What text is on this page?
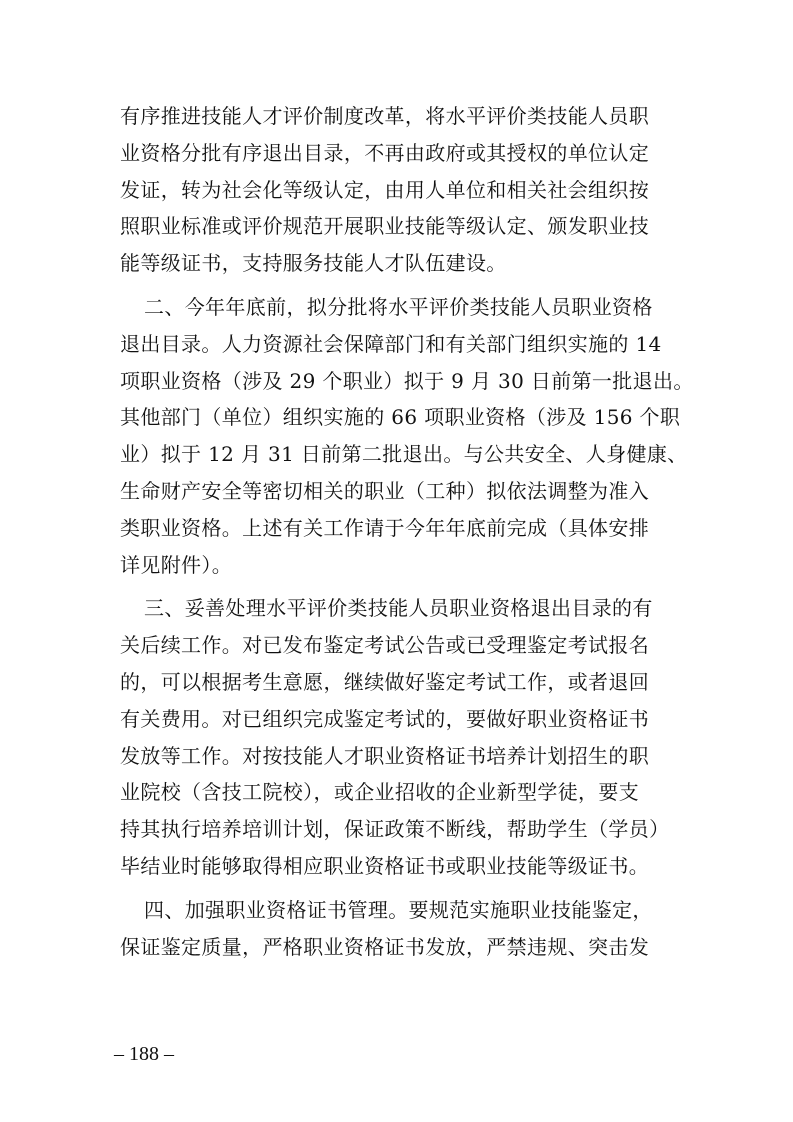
有序推进技能人才评价制度改革，将水平评价类技能人员职
业资格分批有序退出目录，不再由政府或其授权的单位认定
发证，转为社会化等级认定，由用人单位和相关社会组织按
照职业标准或评价规范开展职业技能等级认定、颁发职业技
能等级证书，支持服务技能人才队伍建设。
二、今年年底前，拟分批将水平评价类技能人员职业资格
退出目录。人力资源社会保障部门和有关部门组织实施的 14
项职业资格（涉及 29 个职业）拟于 9 月 30 日前第一批退出。
其他部门（单位）组织实施的 66 项职业资格（涉及 156 个职
业）拟于 12 月 31 日前第二批退出。与公共安全、人身健康、
生命财产安全等密切相关的职业（工种）拟依法调整为准入
类职业资格。上述有关工作请于今年年底前完成（具体安排
详见附件）。
三、妥善处理水平评价类技能人员职业资格退出目录的有
关后续工作。对已发布鉴定考试公告或已受理鉴定考试报名
的，可以根据考生意愿，继续做好鉴定考试工作，或者退回
有关费用。对已组织完成鉴定考试的，要做好职业资格证书
发放等工作。对按技能人才职业资格证书培养计划招生的职
业院校（含技工院校），或企业招收的企业新型学徒，要支
持其执行培养培训计划，保证政策不断线，帮助学生（学员）
毕结业时能够取得相应职业资格证书或职业技能等级证书。
四、加强职业资格证书管理。要规范实施职业技能鉴定，
保证鉴定质量，严格职业资格证书发放，严禁违规、突击发
– 188 –
